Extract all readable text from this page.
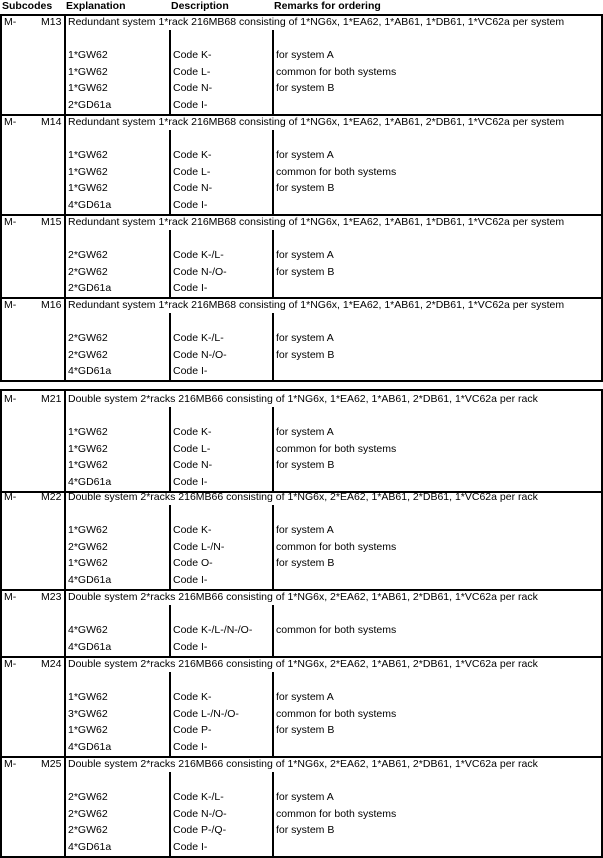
Subcodes Explanation	Description	Remarks for ordering
M- M13 Redundant system 1*rack 216MB68 consisting of 1*NG6x, 1*EA62, 1*AB61, 1*DB61, 1*VC62a per system
1*GW62	Code K-	for system A
1*GW62	Code L-	common for both systems
1*GW62	Code N-	for system B
2*GD61a	Code I-
M- M14 Redundant system 1*rack 216MB68 consisting of 1*NG6x, 1*EA62, 1*AB61, 2*DB61, 1*VC62a per system
1*GW62	Code K-	for system A
1*GW62	Code L-	common for both systems
1*GW62	Code N-	for system B
4*GD61a	Code I-
M- M15 Redundant system 1*rack 216MB68 consisting of 1*NG6x, 1*EA62, 1*AB61, 1*DB61, 1*VC62a per system
2*GW62	Code K-/L-	for system A
2*GW62	Code N-/O-	for system B
2*GD61a	Code I-
M- M16 Redundant system 1*rack 216MB68 consisting of 1*NG6x, 1*EA62, 1*AB61, 2*DB61, 1*VC62a per system
2*GW62	Code K-/L-	for system A
2*GW62	Code N-/O-	for system B
4*GD61a	Code I-
M- M21 Double system 2*racks 216MB66 consisting of 1*NG6x, 1*EA62, 1*AB61, 2*DB61, 1*VC62a per rack
1*GW62	Code K-	for system A
1*GW62	Code L-	common for both systems
1*GW62	Code N-	for system B
4*GD61a	Code I-
M- M22 Double system 2*racks 216MB66 consisting of 1*NG6x, 2*EA62, 1*AB61, 2*DB61, 1*VC62a per rack
1*GW62	Code K-	for system A
2*GW62	Code L-/N-	common for both systems
1*GW62	Code O-	for system B
4*GD61a	Code I-
M- M23 Double system 2*racks 216MB66 consisting of 1*NG6x, 2*EA62, 1*AB61, 2*DB61, 1*VC62a per rack
4*GW62	Code K-/L-/N-/O- common for both systems
4*GD61a	Code I-
M- M24 Double system 2*racks 216MB66 consisting of 1*NG6x, 2*EA62, 1*AB61, 2*DB61, 1*VC62a per rack
1*GW62	Code K-	for system A
3*GW62	Code L-/N-/O-	common for both systems
1*GW62	Code P-	for system B
4*GD61a	Code I-
M- M25 Double system 2*racks 216MB66 consisting of 1*NG6x, 2*EA62, 1*AB61, 2*DB61, 1*VC62a per rack
2*GW62	Code K-/L-	for system A
2*GW62	Code N-/O-	common for both systems
2*GW62	Code P-/Q-	for system B
4*GD61a	Code I-
